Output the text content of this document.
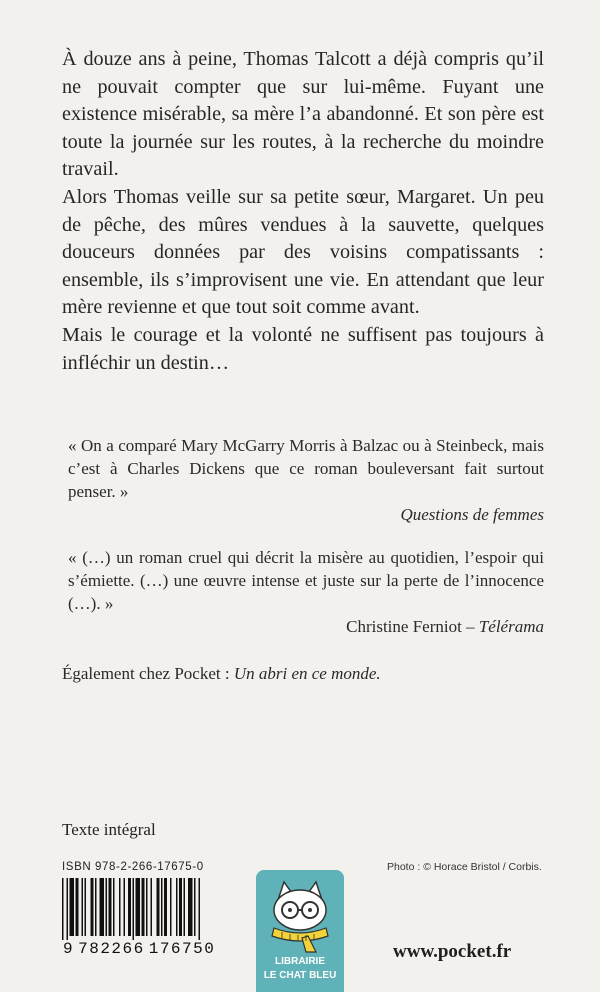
À douze ans à peine, Thomas Talcott a déjà compris qu’il ne pouvait compter que sur lui-même. Fuyant une existence misérable, sa mère l’a abandonné. Et son père est toute la journée sur les routes, à la recherche du moindre travail.

Alors Thomas veille sur sa petite sœur, Margaret. Un peu de pêche, des mûres vendues à la sauvette, quelques douceurs données par des voisins compatissants : ensemble, ils s’improvisent une vie. En attendant que leur mère revienne et que tout soit comme avant.

Mais le courage et la volonté ne suffisent pas toujours à infléchir un destin…

« On a comparé Mary McGarry Morris à Balzac ou à Steinbeck, mais c’est à Charles Dickens que ce roman bouleversant fait surtout penser. »
Questions de femmes
« (…) un roman cruel qui décrit la misère au quotidien, l’espoir qui s’émiette. (…) une œuvre intense et juste sur la perte de l’innocence (…). »
Christine Ferniot – Télérama
Également chez Pocket : Un abri en ce monde.
Texte intégral
ISBN 978-2-266-17675-0	Photo : © Horace Bristol / Corbis.
9 782266 176750
LIBRAIRIE
LE CHAT BLEU
www.pocket.fr
